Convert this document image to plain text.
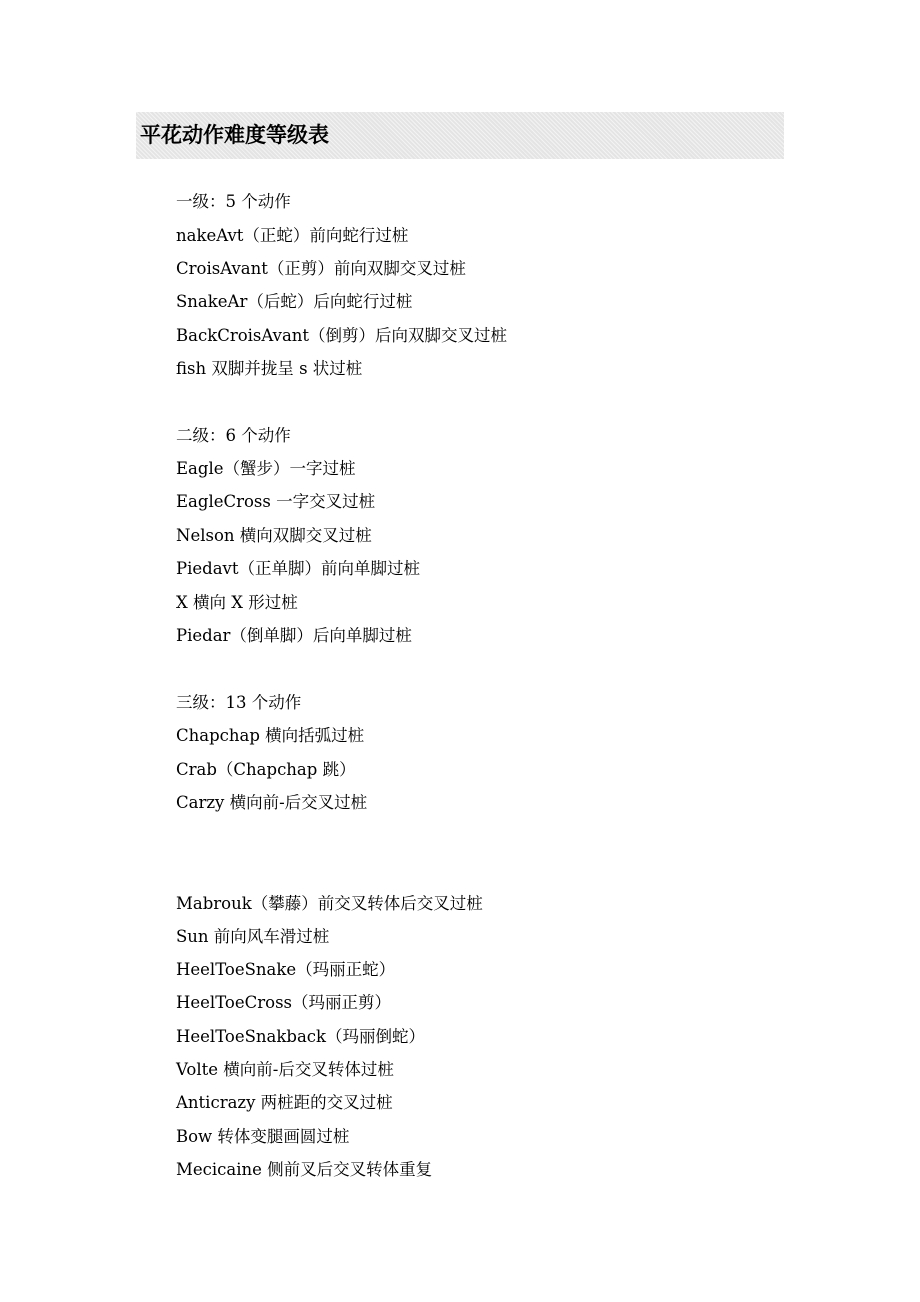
平花动作难度等级表
一级：5 个动作
nakeAvt（正蛇）前向蛇行过桩
CroisAvant（正剪）前向双脚交叉过桩
SnakeAr（后蛇）后向蛇行过桩
BackCroisAvant（倒剪）后向双脚交叉过桩
fish 双脚并拢呈 s 状过桩
二级：6 个动作
Eagle（蟹步）一字过桩
EagleCross 一字交叉过桩
Nelson 横向双脚交叉过桩
Piedavt（正单脚）前向单脚过桩
X 横向 X 形过桩
Piedar（倒单脚）后向单脚过桩
三级：13 个动作
Chapchap 横向括弧过桩
Crab（Chapchap 跳）
Carzy 横向前-后交叉过桩
Mabrouk（攀藤）前交叉转体后交叉过桩
Sun 前向风车滑过桩
HeelToeSnake（玛丽正蛇）
HeelToeCross（玛丽正剪）
HeelToeSnakback（玛丽倒蛇）
Volte 横向前-后交叉转体过桩
Anticrazy 两桩距的交叉过桩
Bow 转体变腿画圆过桩
Mecicaine 侧前叉后交叉转体重复
